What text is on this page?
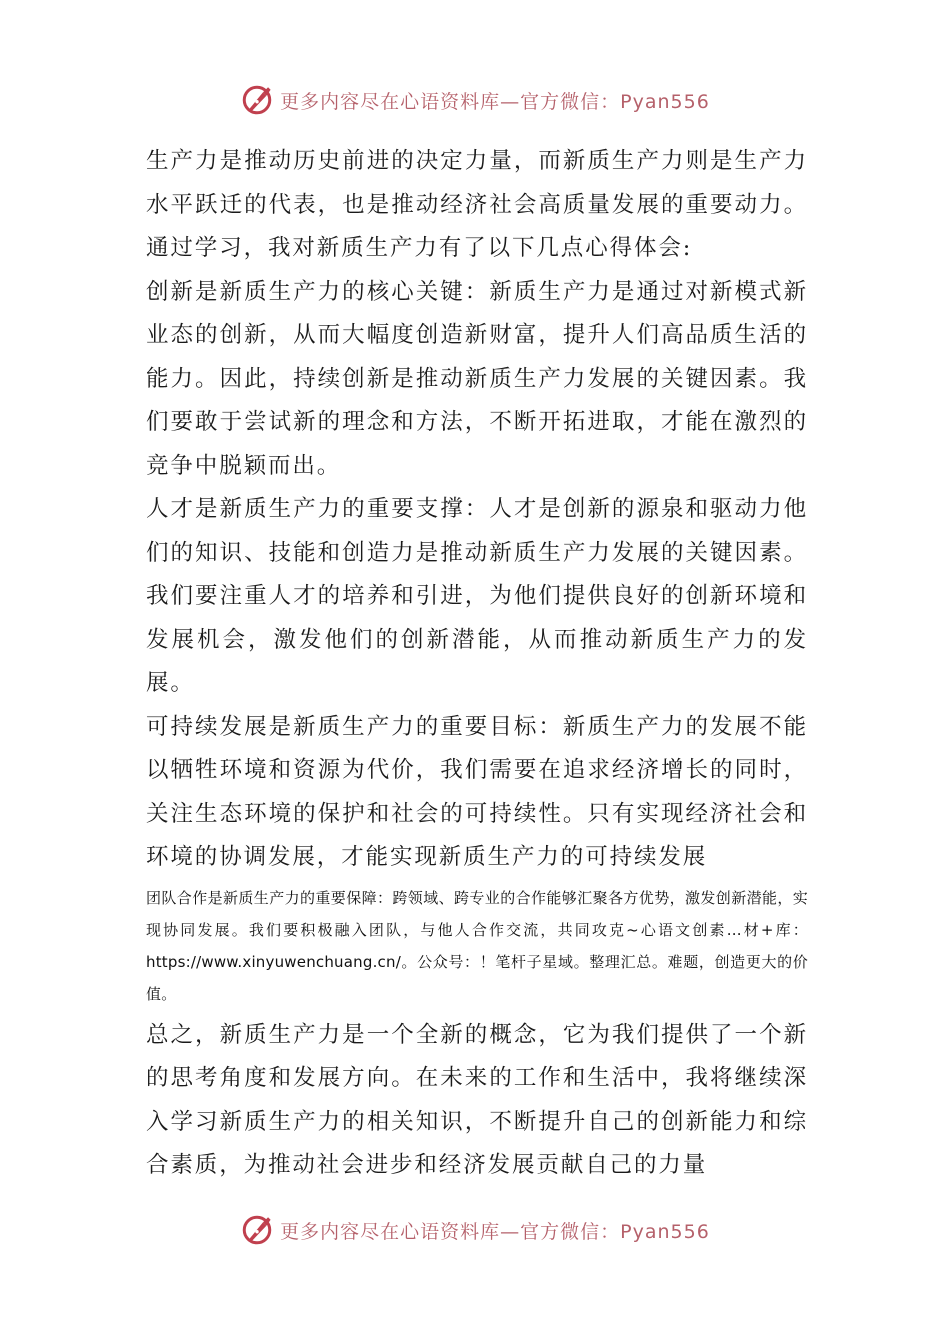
更多内容尽在心语资料库—官方微信：Pyan556

生产力是推动历史前进的决定力量，而新质生产力则是生产力水平跃迁的代表，也是推动经济社会高质量发展的重要动力。通过学习，我对新质生产力有了以下几点心得体会:

创新是新质生产力的核心关键：新质生产力是通过对新模式新业态的创新，从而大幅度创造新财富，提升人们高品质生活的能力。因此，持续创新是推动新质生产力发展的关键因素。我们要敢于尝试新的理念和方法，不断开拓进取，才能在激烈的竞争中脱颖而出。

人才是新质生产力的重要支撑：人才是创新的源泉和驱动力他们的知识、技能和创造力是推动新质生产力发展的关键因素。我们要注重人才的培养和引进，为他们提供良好的创新环境和发展机会，激发他们的创新潜能，从而推动新质生产力的发展。

可持续发展是新质生产力的重要目标：新质生产力的发展不能以牺牲环境和资源为代价，我们需要在追求经济增长的同时，关注生态环境的保护和社会的可持续性。只有实现经济社会和环境的协调发展，才能实现新质生产力的可持续发展

团队合作是新质生产力的重要保障：跨领域、跨专业的合作能够汇聚各方优势，激发创新潜能，实现协同发展。我们要积极融入团队，与他人合作交流，共同攻克~心语文创素…材+库：https://www.xinyuwenchuang.cn/。公众号：！笔杆子星域。整理汇总。难题，创造更大的价值。

总之，新质生产力是一个全新的概念，它为我们提供了一个新的思考角度和发展方向。在未来的工作和生活中，我将继续深入学习新质生产力的相关知识，不断提升自己的创新能力和综合素质，为推动社会进步和经济发展贡献自己的力量

更多内容尽在心语资料库—官方微信：Pyan556
